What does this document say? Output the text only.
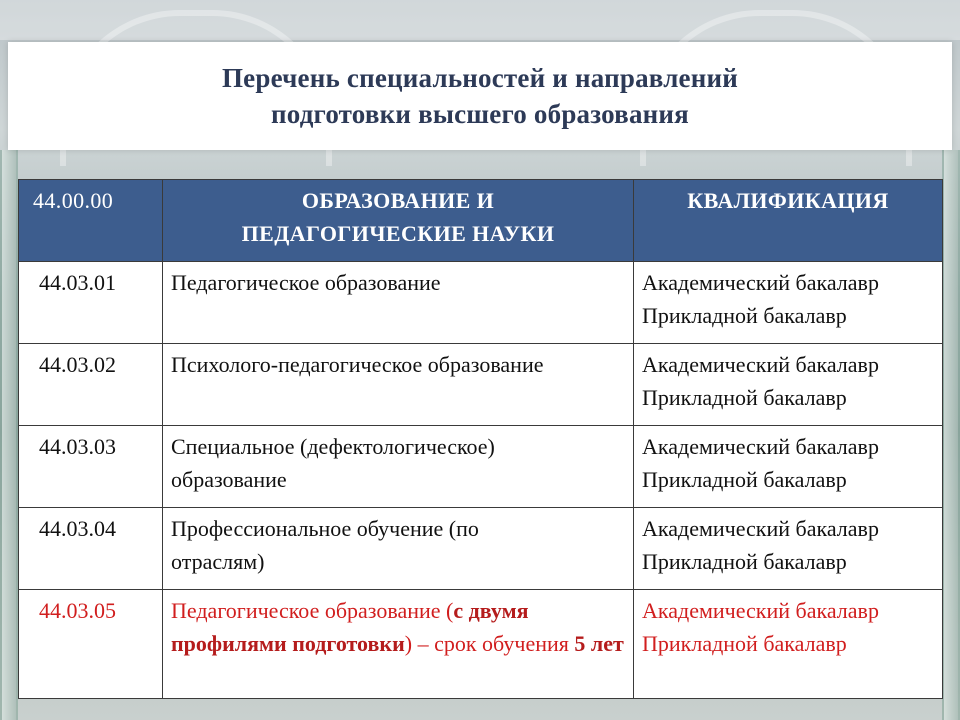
Перечень специальностей и направлений
подготовки высшего образования
44.00.00	ОБРАЗОВАНИЕ И
ПЕДАГОГИЧЕСКИЕ НАУКИ	КВАЛИФИКАЦИЯ
44.03.01	Педагогическое образование	Академический бакалавр
Прикладной бакалавр

44.03.02	Психолого-педагогическое образование	Академический бакалавр
Прикладной бакалавр

44.03.03	Специальное (дефектологическое)
образование	Академический бакалавр
Прикладной бакалавр

44.03.04	Профессиональное обучение (по
отраслям)	Академический бакалавр
Прикладной бакалавр

44.03.05	Педагогическое образование (с двумя профилями подготовки) – срок обучения 5 лет	Академический бакалавр
Прикладной бакалавр
